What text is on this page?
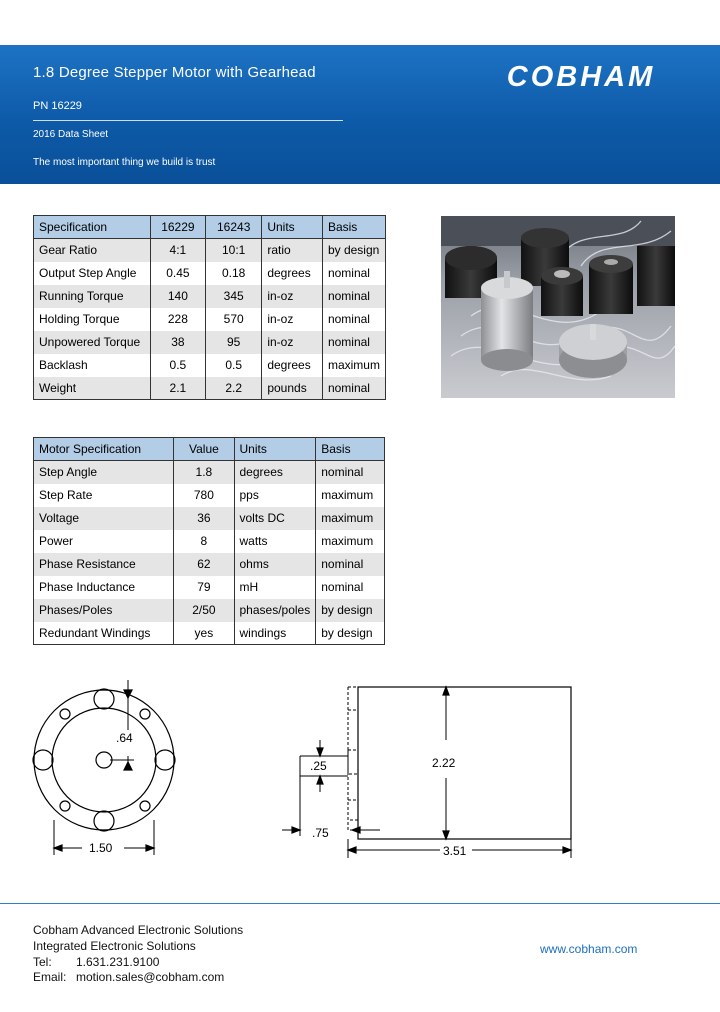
1.8 Degree Stepper Motor with Gearhead
PN 16229
2016 Data Sheet
The most important thing we build is trust
COBHAM
Specification	16229	16243	Units	Basis
Gear Ratio	4:1	10:1	ratio	by design
Output Step Angle	0.45	0.18	degrees	nominal
Running Torque	140	345	in-oz	nominal
Holding Torque	228	570	in-oz	nominal
Unpowered Torque	38	95	in-oz	nominal
Backlash	0.5	0.5	degrees	maximum
Weight	2.1	2.2	pounds	nominal
Motor Specification	Value	Units	Basis
Step Angle	1.8	degrees	nominal
Step Rate	780	pps	maximum
Voltage	36	volts DC	maximum
Power	8	watts	maximum
Phase Resistance	62	ohms	nominal
Phase Inductance	79	mH	nominal
Phases/Poles	2/50	phases/poles	by design
Redundant Windings	yes	windings	by design
.64
1.50
.25	2.22
.75
3.51
Cobham Advanced Electronic Solutions
Integrated Electronic Solutions
Tel: 1.631.231.9100
Email: motion.sales@cobham.com
www.cobham.com
